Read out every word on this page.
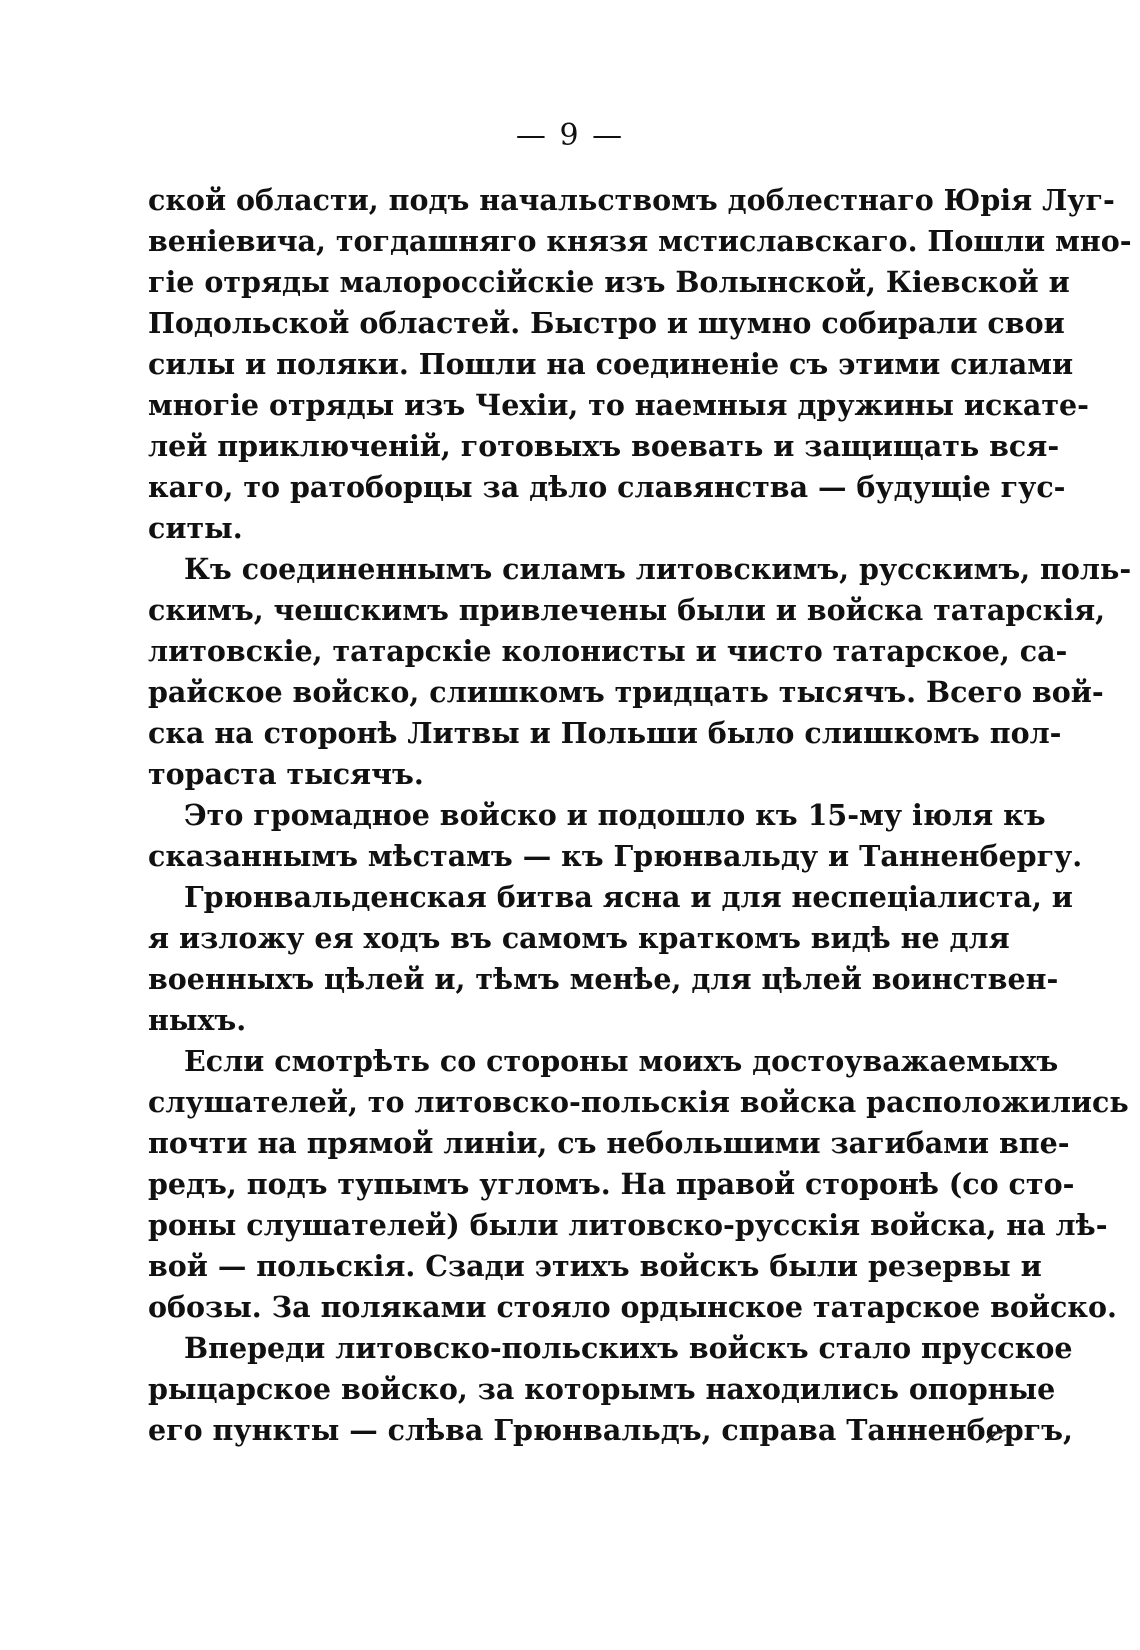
— 9 —
ской области, подъ начальствомъ доблестнаго Юрія Луг-
веніевича, тогдашняго князя мстиславскаго. Пошли мно-
гіе отряды малороссійскіе изъ Волынской, Кіевской и
Подольской областей. Быстро и шумно собирали свои
силы и поляки. Пошли на соединеніе съ этими силами
многіе отряды изъ Чехіи, то наемныя дружины искате-
лей приключеній, готовыхъ воевать и защищать вся-
каго, то ратоборцы за дѣло славянства — будущіе гус-
ситы.
Къ соединеннымъ силамъ литовскимъ, русскимъ, поль-
скимъ, чешскимъ привлечены были и войска татарскія,
литовскіе, татарскіе колонисты и чисто татарское, са-
райское войско, слишкомъ тридцать тысячъ. Всего вой-
ска на сторонѣ Литвы и Польши было слишкомъ пол-
тораста тысячъ.
Это громадное войско и подошло къ 15-му іюля къ
сказаннымъ мѣстамъ — къ Грюнвальду и Танненбергу.
Грюнвальденская битва ясна и для неспеціалиста, и
я изложу ея ходъ въ самомъ краткомъ видѣ не для
военныхъ цѣлей и, тѣмъ менѣе, для цѣлей воинствен-
ныхъ.
Если смотрѣть со стороны моихъ достоуважаемыхъ
слушателей, то литовско-польскія войска расположились
почти на прямой линіи, съ небольшими загибами впе-
редъ, подъ тупымъ угломъ. На правой сторонѣ (со сто-
роны слушателей) были литовско-русскія войска, на лѣ-
вой — польскія. Сзади этихъ войскъ были резервы и
обозы. За поляками стояло ордынское татарское войско.
Впереди литовско-польскихъ войскъ стало прусское
рыцарское войско, за которымъ находились опорные
его пункты — слѣва Грюнвальдъ, справа Танненбергъ,
